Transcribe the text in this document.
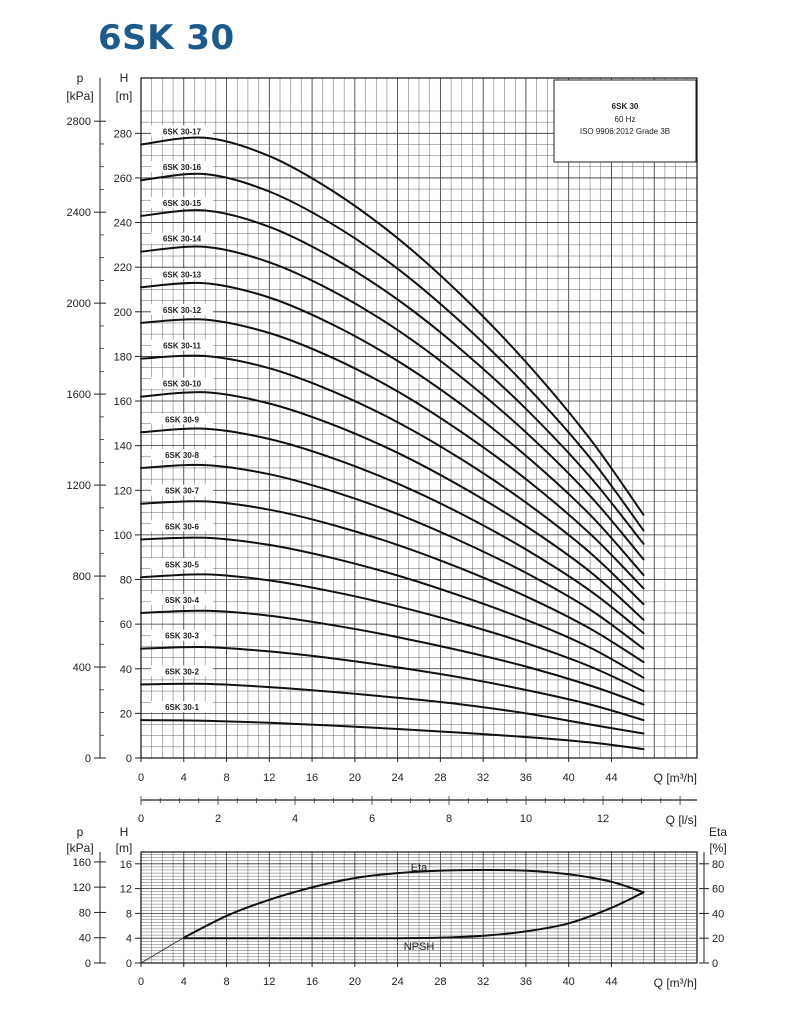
6SK 30
0
20
40
60
80
100
120
140
160
180
200
220
240
260
280
0
400
800
1200
1600
2000
2400
2800
0	4	8	12	16	20	24	28	32	36	40	44
H
[m]
p
[kPa]
Q [m³/h]
6SK 30-1
6SK 30-2
6SK 30-3
6SK 30-4
6SK 30-5
6SK 30-6
6SK 30-7
6SK 30-8
6SK 30-9
6SK 30-10
6SK 30-11
6SK 30-12
6SK 30-13
6SK 30-14
6SK 30-15
6SK 30-16
6SK 30-17
6SK 30
60 Hz
ISO 9906:2012 Grade 3B
0	2	4	6	8	10	12	Q [l/s]
0
4
8
12
16
0
40
80
120
160
0
20
40
60
80
0	4	8	12	16	20	24	28	32	36	40	44
H
[m]
p
[kPa]
Eta
[%]
Q [m³/h]
Eta
NPSH
